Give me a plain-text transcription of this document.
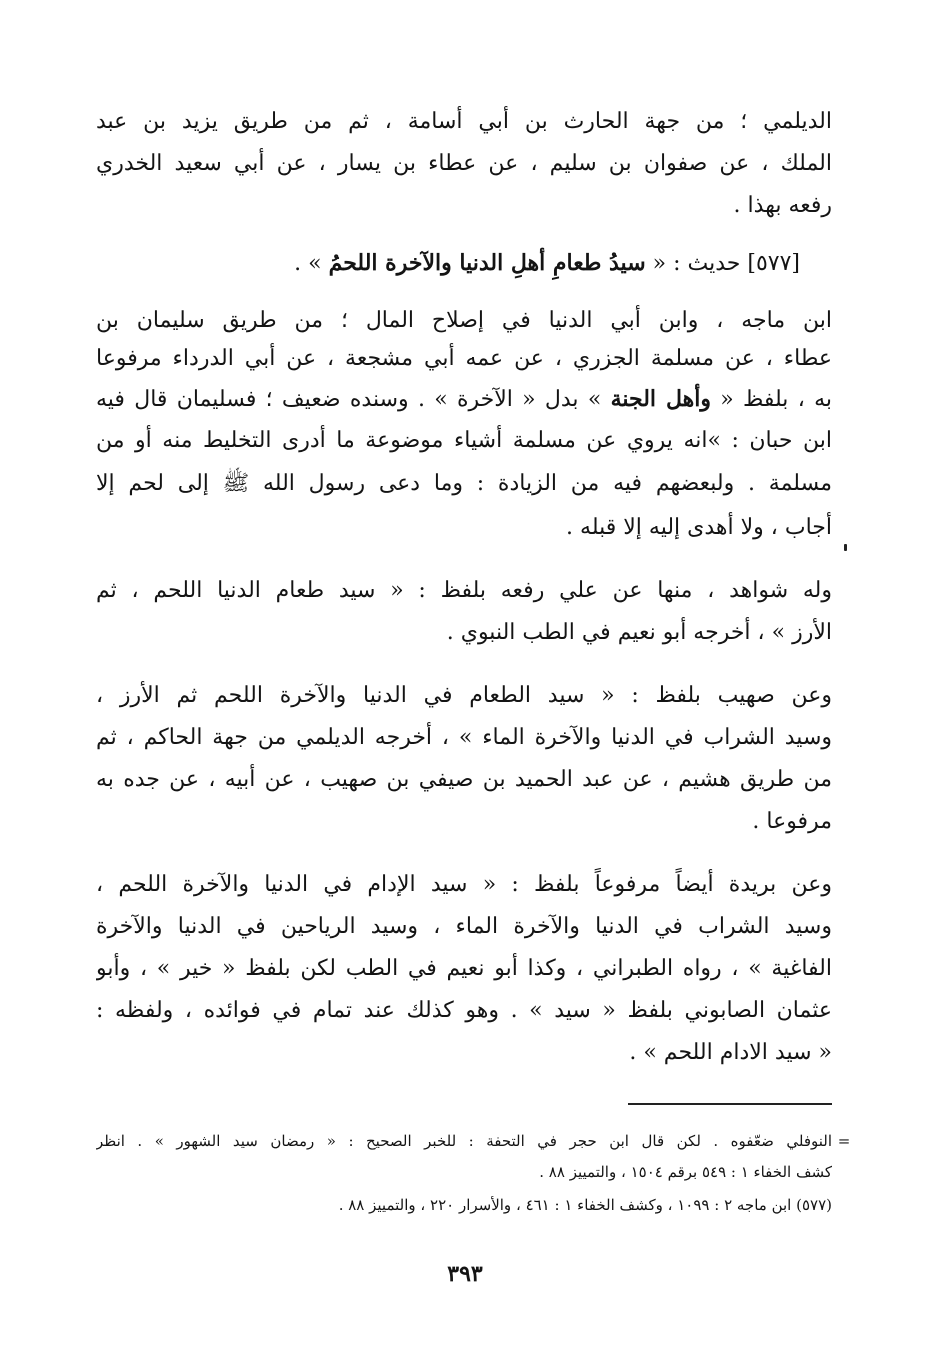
الديلمي ؛ من جهة الحارث بن أبي أسامة ، ثم من طريق يزيد بن عبد
الملك ، عن صفوان بن سليم ، عن عطاء بن يسار ، عن أبي سعيد الخدري
رفعه بهذا .
[٥٧٧] حديث : « سيدُ طعامِ أهلِ الدنيا والآخرة اللحمُ » .
ابن ماجه ، وابن أبي الدنيا في إصلاح المال ؛ من طريق سليمان بن
عطاء ، عن مسلمة الجزري ، عن عمه أبي مشجعة ، عن أبي الدرداء مرفوعا
به ، بلفظ « وأهل الجنة » بدل « الآخرة » . وسنده ضعيف ؛ فسليمان قال فيه
ابن حبان : »انه يروي عن مسلمة أشياء موضوعة ما أدرى التخليط منه أو من
مسلمة . ولبعضهم فيه من الزيادة : وما دعى رسول الله ﷺ إلى لحم إلا
أجاب ، ولا أهدى إليه إلا قبله .
وله شواهد ، منها عن علي رفعه بلفظ : « سيد طعام الدنيا اللحم ، ثم
الأرز » ، أخرجه أبو نعيم في الطب النبوي .
وعن صهيب بلفظ : « سيد الطعام في الدنيا والآخرة اللحم ثم الأرز ،
وسيد الشراب في الدنيا والآخرة الماء » ، أخرجه الديلمي من جهة الحاكم ، ثم
من طريق هشيم ، عن عبد الحميد بن صيفي بن صهيب ، عن أبيه ، عن جده به
مرفوعا .
وعن بريدة أيضاً مرفوعاً بلفظ : « سيد الإدام في الدنيا والآخرة اللحم ،
وسيد الشراب في الدنيا والآخرة الماء ، وسيد الرياحين في الدنيا والآخرة
الفاغية » ، رواه الطبراني ، وكذا أبو نعيم في الطب لكن بلفظ « خير » ، وأبو
عثمان الصابوني بلفظ « سيد » . وهو كذلك عند تمام في فوائده ، ولفظه :
« سيد الادام اللحم » .
=
النوفلي ضعّفوه . لكن قال ابن حجر في التحفة : للخبر الصحيح : « رمضان سيد الشهور » . انظر
كشف الخفاء ١ : ٥٤٩ برقم ١٥٠٤ ، والتمييز ٨٨ .
(٥٧٧) ابن ماجه ٢ : ١٠٩٩ ، وكشف الخفاء ١ : ٤٦١ ، والأسرار ٢٢٠ ، والتمييز ٨٨ .
٣٩٣
